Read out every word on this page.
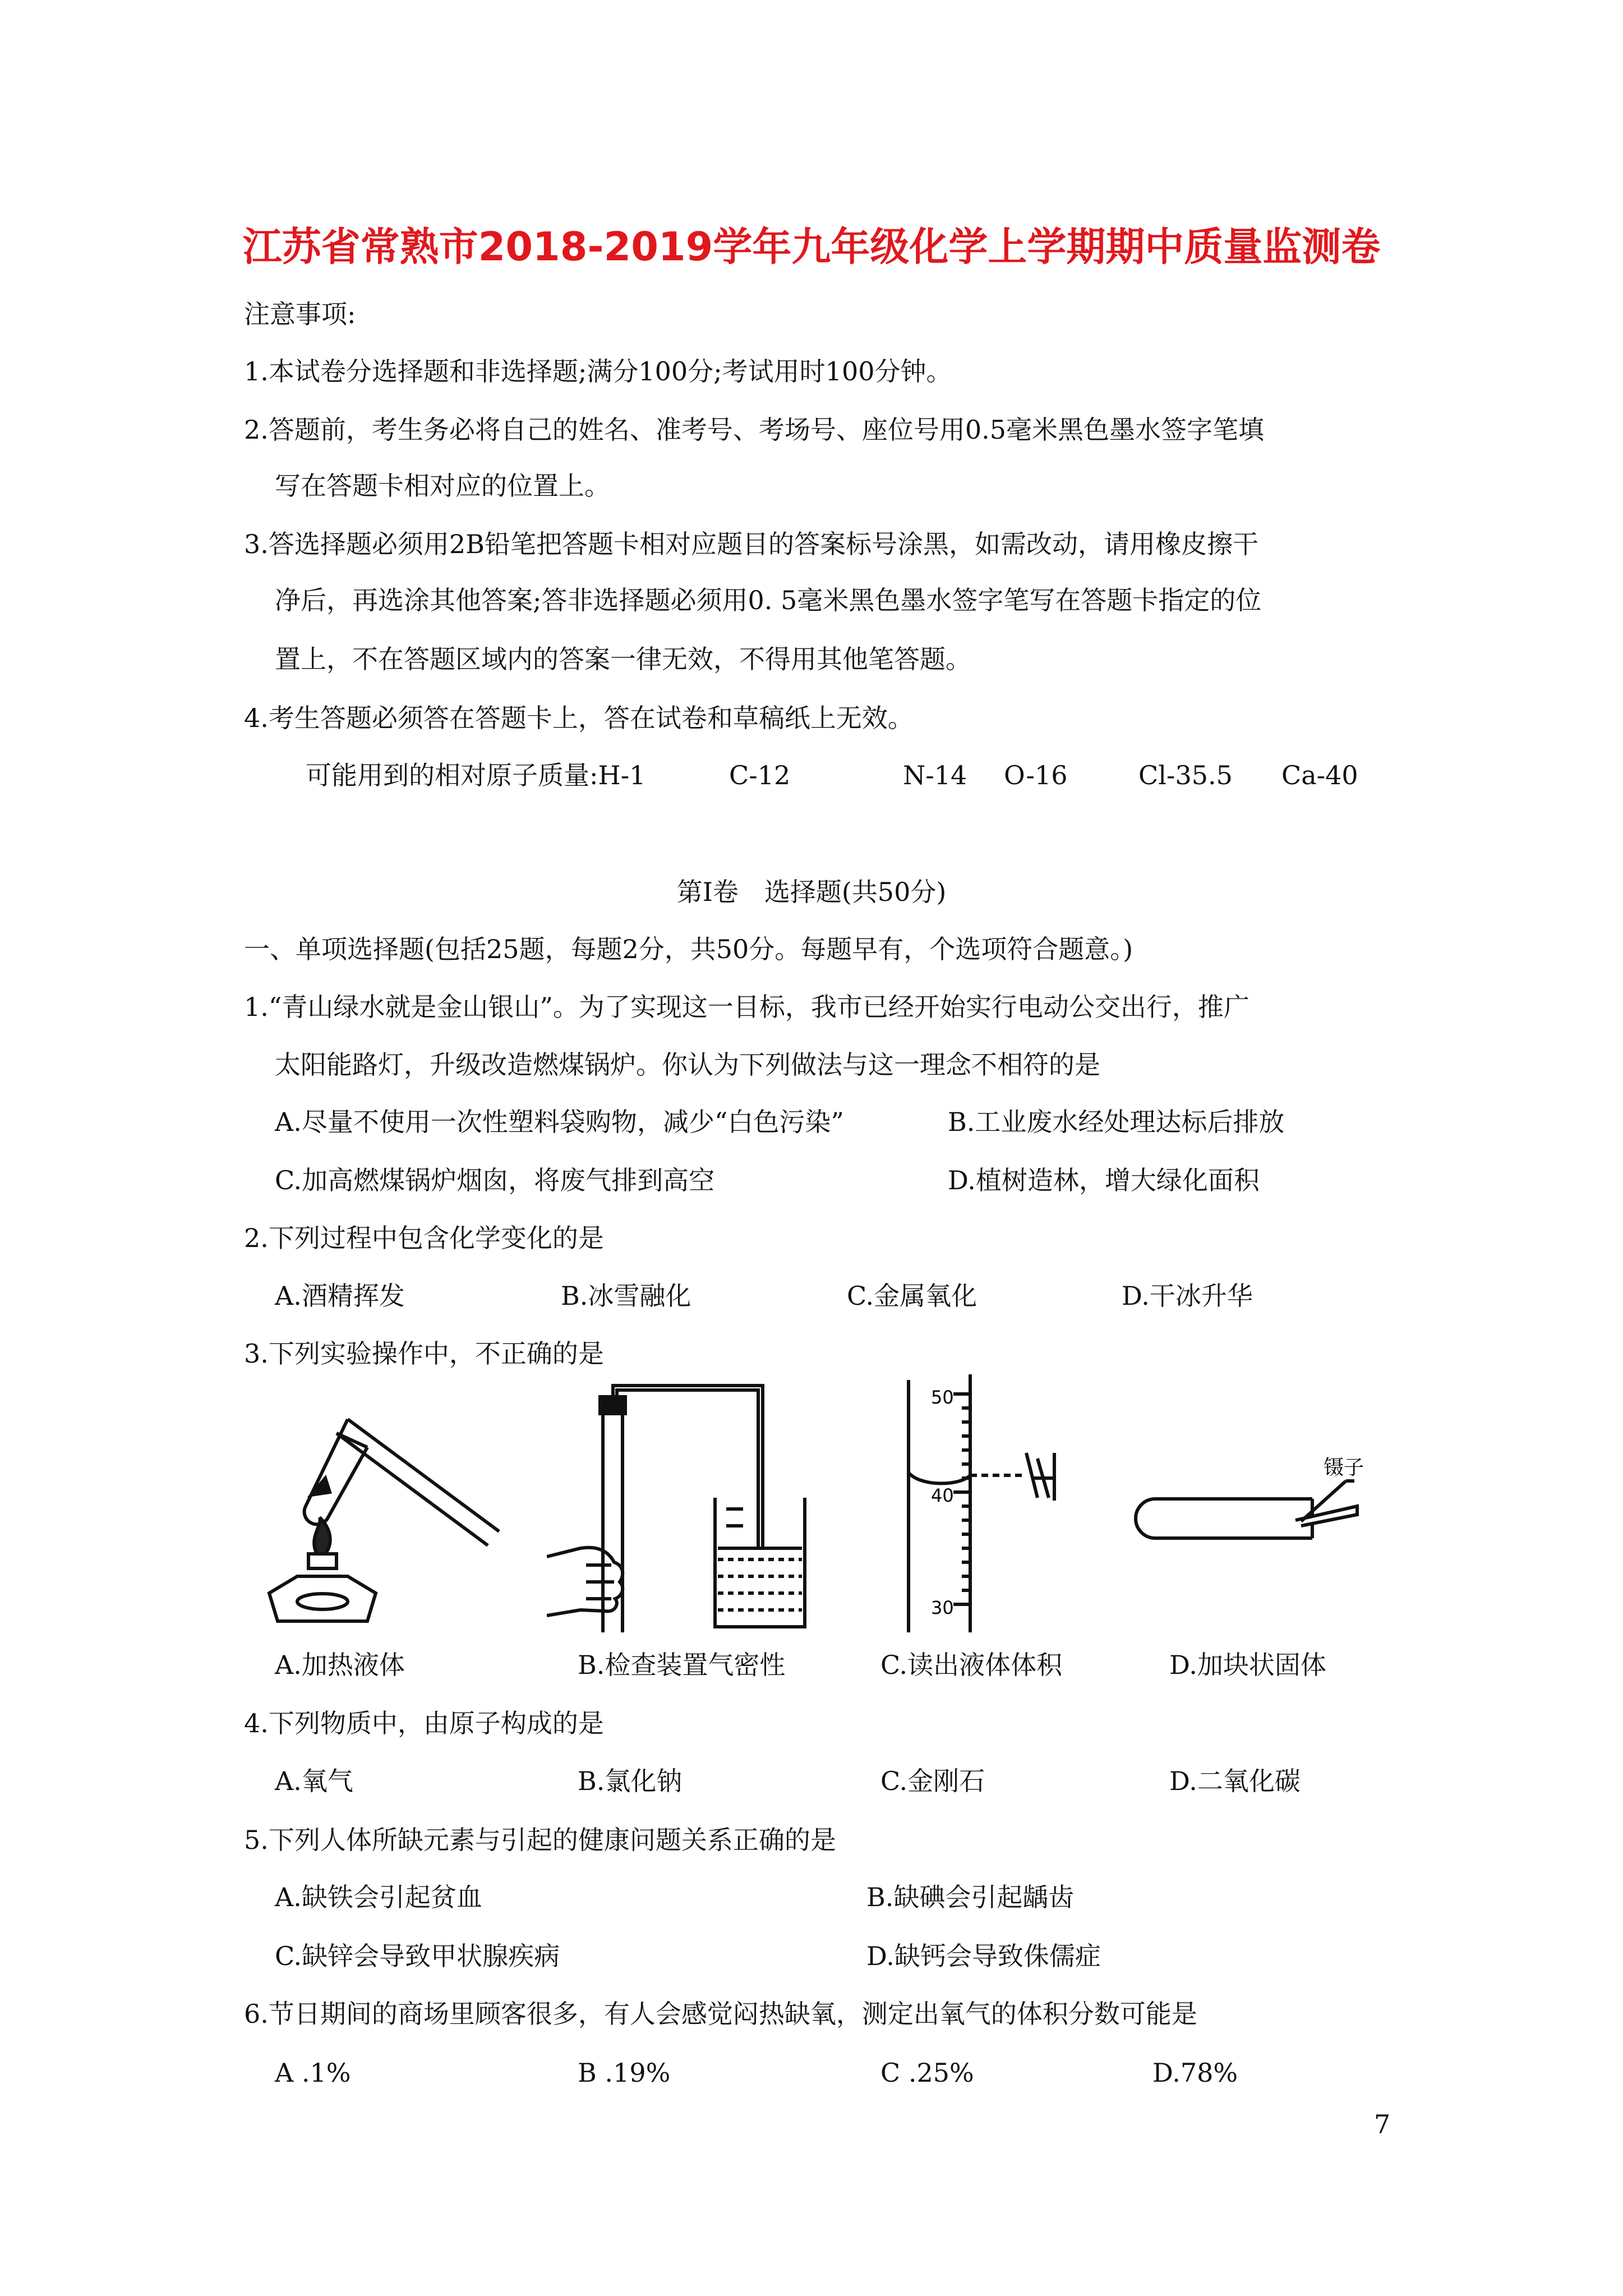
江苏省常熟市2018-2019学年九年级化学上学期期中质量监测卷
注意事项:
1.本试卷分选择题和非选择题;满分100分;考试用时100分钟。
2.答题前，考生务必将自己的姓名、准考号、考场号、座位号用0.5毫米黑色墨水签字笔填
写在答题卡相对应的位置上。
3.答选择题必须用2B铅笔把答题卡相对应题目的答案标号涂黑，如需改动，请用橡皮擦干
净后，再选涂其他答案;答非选择题必须用0. 5毫米黑色墨水签字笔写在答题卡指定的位
置上，不在答题区域内的答案一律无效，不得用其他笔答题。
4.考生答题必须答在答题卡上，答在试卷和草稿纸上无效。
可能用到的相对原子质量:H-1	C-12	N-14 O-16	Cl-35.5 Ca-40
第Ⅰ卷　选择题(共50分)
一、单项选择题(包括25题，每题2分，共50分。每题早有，个选项符合题意。)
1.“青山绿水就是金山银山”。为了实现这一目标，我市已经开始实行电动公交出行，推广
太阳能路灯，升级改造燃煤锅炉。你认为下列做法与这一理念不相符的是
A.尽量不使用一次性塑料袋购物，减少“白色污染”	B.工业废水经处理达标后排放
C.加高燃煤锅炉烟囱，将废气排到高空	D.植树造林，增大绿化面积
2.下列过程中包含化学变化的是
A.酒精挥发	B.冰雪融化	C.金属氧化	D.干冰升华
3.下列实验操作中，不正确的是
50
40
30
镊子
A.加热液体	B.检查装置气密性	C.读出液体体积	D.加块状固体
4.下列物质中，由原子构成的是
A.氧气	B.氯化钠	C.金刚石	D.二氧化碳
5.下列人体所缺元素与引起的健康问题关系正确的是
A.缺铁会引起贫血	B.缺碘会引起龋齿
C.缺锌会导致甲状腺疾病	D.缺钙会导致侏儒症
6.节日期间的商场里顾客很多，有人会感觉闷热缺氧，测定出氧气的体积分数可能是
A .1%	B .19%	C .25%	D.78%
7
